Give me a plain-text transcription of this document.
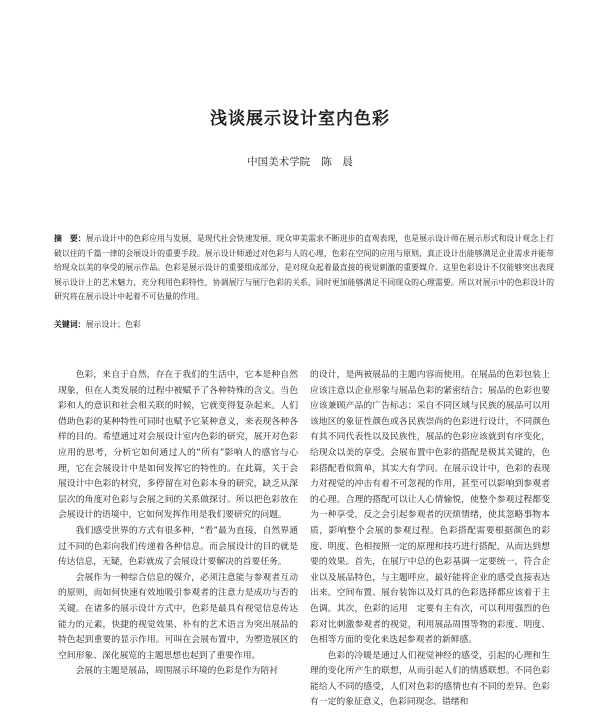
浅谈展示设计室内色彩
中国美术学院 陈　晨
摘　要：展示设计中的色彩应用与发展，是现代社会快速发展、现众审美需求不断进步的直观表现，也是展示设计师在展示形式和设计观念上打破以往的千篇一律的会展设计的重要手段。展示设计师通过对色彩与人的心理，色彩在空间的应用与原则，真正设计出能够满足企业需求并能带给现众以美的享受的展示作品。色彩是展示设计的重要组成部分，是对现众起着最直接的视觉刺激的重要媒介。这里色彩设计不仅能够突出表现展示设计上的艺术魅力，充分利用色彩特性，协调展厅与展厅色彩的关系，同时更加能够满足不同现众的心理需要。所以对展示中的色彩设计的研究将在展示设计中起着不可估量的作用。
关键词：展示设计；色彩

色彩，来自于自然，存在于我们的生活中，它本是种自然现象，但在人类发展的过程中被赋予了各种特殊的含义。当色彩和人的意识和社会相关联的时候，它就变得复杂起来。人们借助色彩的某种特性可同时也赋予它某种意义，来表现各种各样的目的。希望通过对会展设计室内色彩的研究，展开对色彩应用的思考，分析它如何通过人的“所有”影响人的感官与心理，它在会展设计中是如何发挥它的特性的。在此篇，关于会展设计中色彩的材究，多停留在对色彩本身的研究，缺乏从深层次的角度对色彩与会展之间的关系做探讨。所以把色彩放在会展设计的语境中，它如何发挥作用是我们要研究的问题。

我们感受世界的方式有很多种，“看”最为直接，自然界通过不同的色彩向我们传递着各种信息。而会展设计的目的就是传达信息，无疑，色彩就成了会展设计要解决的首要任务。

会展作为一种综合信息的媒介，必须注意能与参观者互动的原则，而如何快速有效地吸引参观者的注意力是成功与否的关键。在诸多的展示设计方式中，色彩是最具有视觉信息传达能力的元素，快捷的视觉效果、朴有的艺术语言为突出展品的特色起到重要的显示作用。可叫在会展布置中，为塑造展区的空间形象、深化展览的主题思想也起到了重要作用。

会展的主题是展品，周围展示环境的色彩是作为陪衬

的设计，是两被展品的主题内容而使用。在展品的色彩包装上应该注意以企业形象与展品色彩的紧密结合；展品的色彩也要应该兼顾产品的广告标志；采自不同区域与民族的展品可以用该地区的象征性颜色或各民族崇尚的色彩进行设计，不同颜色有其不同代表性以及民族性，展品的色彩应该就到有序变化，给现众以美的享受。会展布置中色彩的搭配是极其关键的，色彩搭配看似简单，其实大有学问。在展示设计中，色彩的表现力对视觉的冲击有着不可忽视的作用，甚至可以影响到参观者的心理。合理的搭配可以让人心情愉悦，使整个参观过程都变为一种享受，反之会引起参观者的厌烦情绪，使其忽略事物本质，影响整个会展的参观过程。色彩搭配需要根据颜色的彩度、明度、色相按照一定的原理和技巧进行搭配，从而达到想要的效果。首先，在展厅中总的色彩基调一定要统一，符合企业以及展品特色，与主题呼应，最好能将企业的感受直接表达出来。空间布置、展台装饰以及灯具的色彩选择都应该着于主色调。其次，色彩的运用　定要有主有次，可以利用强烈的色彩对比刺激参观者的视觉，利用展品周围等物的彩度、明度、色相等方面的变化来迭起参观者的新鲜感。

色彩的冷暖是通过人们视觉神经的感受，引起的心理和生理的变化所产生的联想，从而引起人们的情感联想。不同色彩能给人不同的感受，人们对色彩的感情也有不同的差异。色彩有一定的象征意义，色彩同现念、错绪和
